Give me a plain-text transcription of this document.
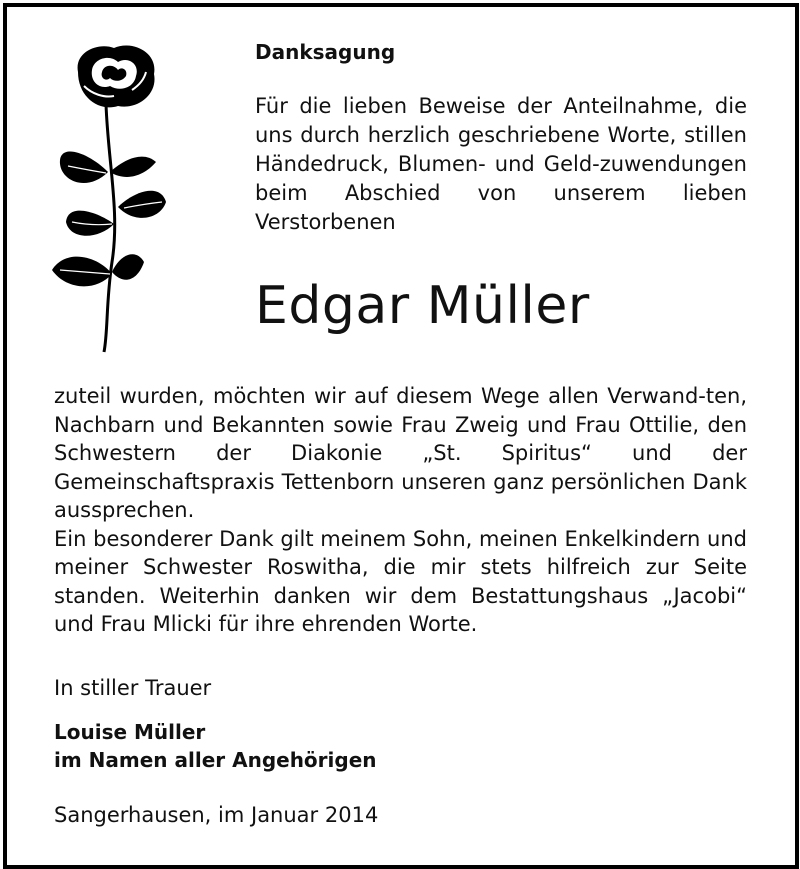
Danksagung

Für die lieben Beweise der Anteilnahme, die uns durch herzlich geschriebene Worte, stillen Händedruck, Blumen- und Geld-zuwendungen beim Abschied von unserem lieben Verstorbenen

Edgar Müller

zuteil wurden, möchten wir auf diesem Wege allen Verwand-ten, Nachbarn und Bekannten sowie Frau Zweig und Frau Ottilie, den Schwestern der Diakonie „St. Spiritus“ und der Gemeinschaftspraxis Tettenborn unseren ganz persönlichen Dank aussprechen.

Ein besonderer Dank gilt meinem Sohn, meinen Enkelkindern und meiner Schwester Roswitha, die mir stets hilfreich zur Seite standen. Weiterhin danken wir dem Bestattungshaus „Jacobi“ und Frau Mlicki für ihre ehrenden Worte.

In stiller Trauer
Louise Müller
im Namen aller Angehörigen
Sangerhausen, im Januar 2014
